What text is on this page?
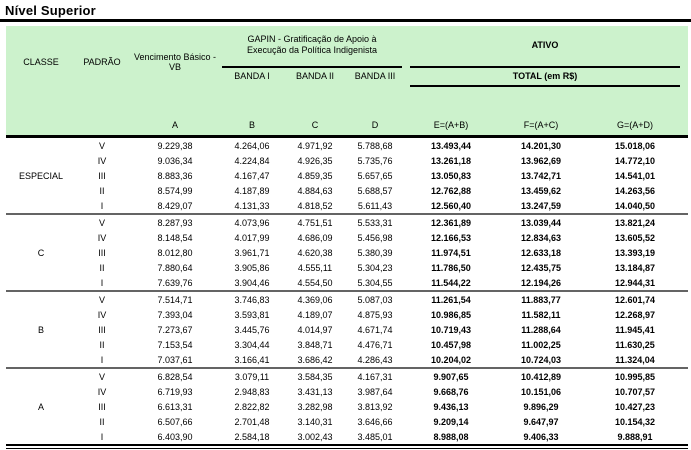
Nível Superior
CLASSE	PADRÃO	Vencimento Básico - VB
GAPIN - Gratificação de Apoio à
Execução da Política Indigenista
BANDA I	BANDA II	BANDA III
ATIVO
TOTAL (em R$)
A	B	C	D	E=(A+B)	F=(A+C)	G=(A+D)
ESPECIAL
V	9.229,38	4.264,06	4.971,92	5.788,68	13.493,44	14.201,30	15.018,06
IV	9.036,34	4.224,84	4.926,35	5.735,76	13.261,18	13.962,69	14.772,10
III	8.883,36	4.167,47	4.859,35	5.657,65	13.050,83	13.742,71	14.541,01
II	8.574,99	4.187,89	4.884,63	5.688,57	12.762,88	13.459,62	14.263,56
I	8.429,07	4.131,33	4.818,52	5.611,43	12.560,40	13.247,59	14.040,50
C
V	8.287,93	4.073,96	4.751,51	5.533,31	12.361,89	13.039,44	13.821,24
IV	8.148,54	4.017,99	4.686,09	5.456,98	12.166,53	12.834,63	13.605,52
III	8.012,80	3.961,71	4.620,38	5.380,39	11.974,51	12.633,18	13.393,19
II	7.880,64	3.905,86	4.555,11	5.304,23	11.786,50	12.435,75	13.184,87
I	7.639,76	3.904,46	4.554,50	5.304,55	11.544,22	12.194,26	12.944,31
B
V	7.514,71	3.746,83	4.369,06	5.087,03	11.261,54	11.883,77	12.601,74
IV	7.393,04	3.593,81	4.189,07	4.875,93	10.986,85	11.582,11	12.268,97
III	7.273,67	3.445,76	4.014,97	4.671,74	10.719,43	11.288,64	11.945,41
II	7.153,54	3.304,44	3.848,71	4.476,71	10.457,98	11.002,25	11.630,25
I	7.037,61	3.166,41	3.686,42	4.286,43	10.204,02	10.724,03	11.324,04
A
V	6.828,54	3.079,11	3.584,35	4.167,31	9.907,65	10.412,89	10.995,85
IV	6.719,93	2.948,83	3.431,13	3.987,64	9.668,76	10.151,06	10.707,57
III	6.613,31	2.822,82	3.282,98	3.813,92	9.436,13	9.896,29	10.427,23
II	6.507,66	2.701,48	3.140,31	3.646,66	9.209,14	9.647,97	10.154,32
I	6.403,90	2.584,18	3.002,43	3.485,01	8.988,08	9.406,33	9.888,91
